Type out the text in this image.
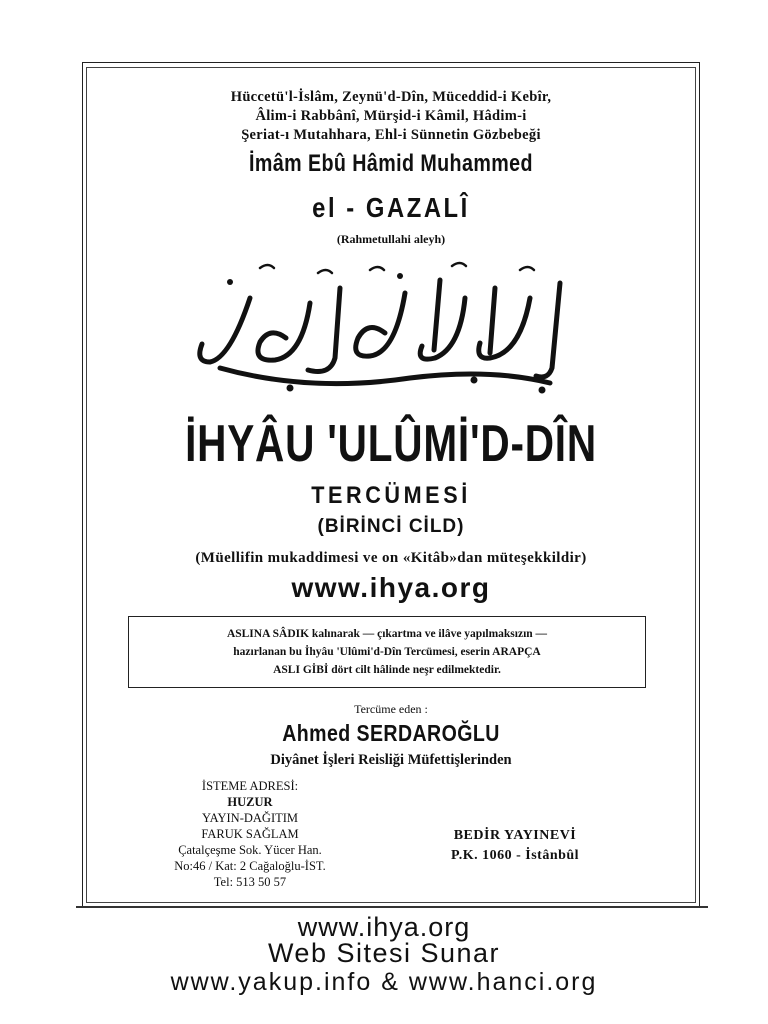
Hüccetü'l-İslâm, Zeynü'd-Dîn, Müceddid-i Kebîr,
Âlim-i Rabbânî, Mürşid-i Kâmil, Hâdim-i
Şeriat-ı Mutahhara, Ehl-i Sünnetin Gözbebeği
İmâm Ebû Hâmid Muhammed
el - GAZALÎ
(Rahmetullahi aleyh)
İHYÂU 'ULÛMİ'D-DÎN
TERCÜMESİ
(BİRİNCİ CİLD)
(Müellifin mukaddimesi ve on «Kitâb»dan müteşekkildir)
www.ihya.org
ASLINA SÂDIK kalınarak — çıkartma ve ilâve yapılmaksızın —
hazırlanan bu İhyâu 'Ulûmi'd-Dîn Tercümesi, eserin ARAPÇA
ASLI GİBİ dört cilt hâlinde neşr edilmektedir.
Tercüme eden :
Ahmed SERDAROĞLU
Diyânet İşleri Reisliği Müfettişlerinden
İSTEME ADRESİ:
HUZUR
YAYIN-DAĞITIM
FARUK SAĞLAM
Çatalçeşme Sok. Yücer Han.
No:46 / Kat: 2 Cağaloğlu-İST.
Tel: 513 50 57
BEDİR YAYINEVİ
P.K. 1060 - İstânbûl
www.ihya.org
Web Sitesi Sunar
www.yakup.info & www.hanci.org
